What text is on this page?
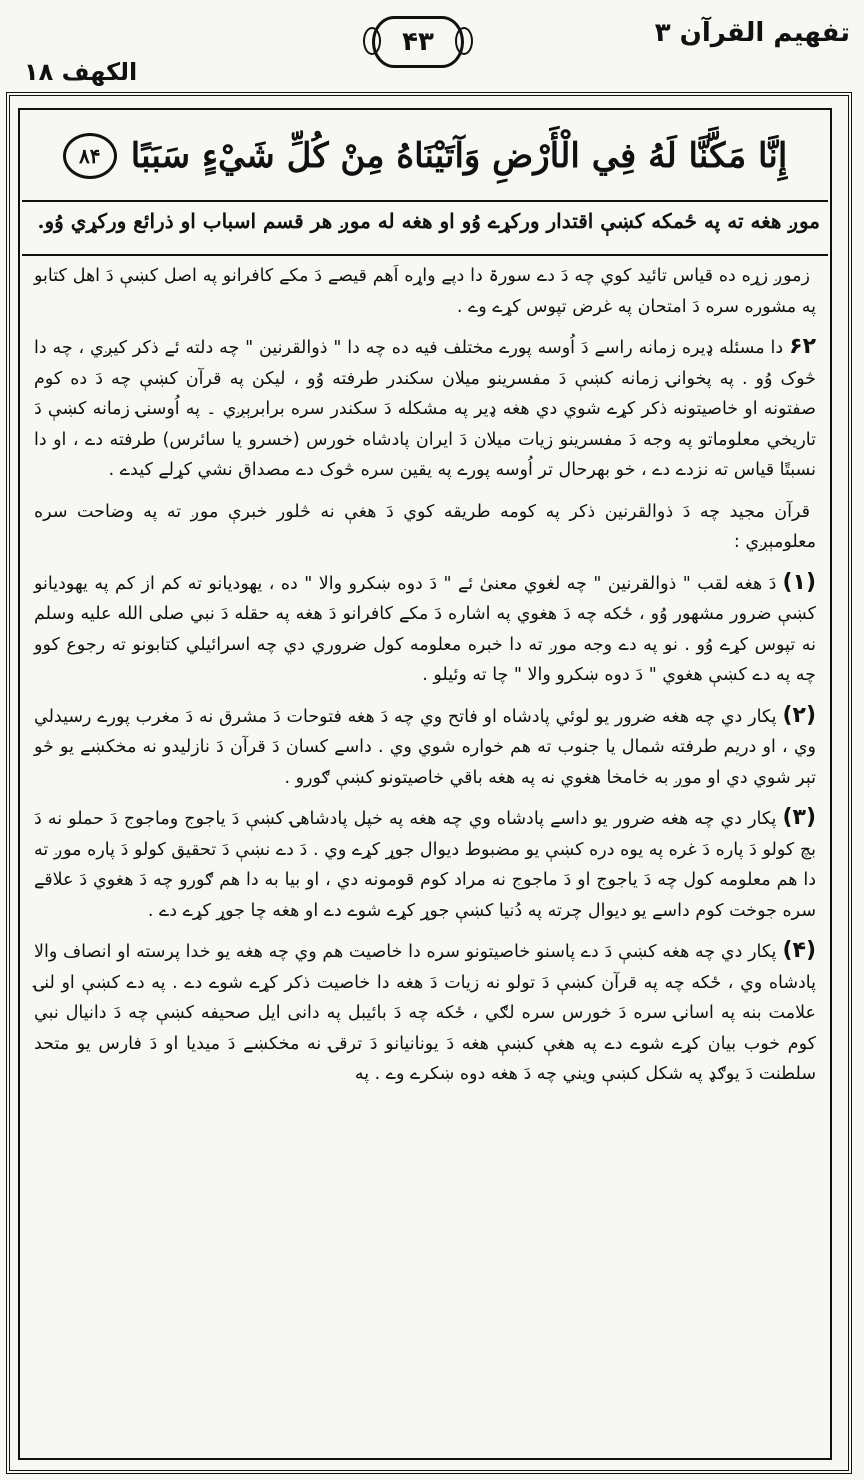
تفهیم القرآن ۳
۴۳
الکھف ۱۸
إِنَّا مَكَّنَّا لَهُ فِي الْأَرْضِ وَآتَيْنَاهُ مِنْ كُلِّ شَيْءٍ سَبَبًا
۸۴
موږ هغه ته په ځمکه کښې اقتدار ورکړے وُو او هغه له موږ هر قسم اسباب او ذرائع ورکړي وُو.

زموږ زړه ده قیاس تائید کوي چه دَ دے سورۃ دا دپے واړه اَهم قیصے دَ مکے کافرانو په اصل کښې دَ اهل کتابو په مشوره سره دَ امتحان په غرض تپوس کړے وے .

۶۲دا مسئله ډیره زمانه راسے دَ اُوسه پورے مختلف فیه ده چه دا " ذوالقرنین " چه دلته ئے ذکر کیږي ، چه دا څوک وُو . په پخوانۍ زمانه کښې دَ مفسرینو میلان سکندر طرفته وُو ، لیکن په قرآن کښې چه دَ ده کوم صفتونه او خاصیتونه ذکر کړے شوي دي هغه ډیر په مشکله دَ سکندر سره برابرېږي ۔ په اُوسنۍ زمانه کښې دَ تاریخي معلوماتو په وجه دَ مفسرینو زیات میلان دَ ایران پادشاه خورس (خسرو یا سائرس) طرفته دے ، او دا نسبتًا قیاس ته نزدے دے ، خو بهرحال تر اُوسه پورے په یقین سره څوک دے مصداق نشي کړلے کیدے .

قرآن مجید چه دَ ذوالقرنین ذکر په کومه طریقه کوي دَ هغې نه څلور خبرې موږ ته په وضاحت سره معلومېږي :

(۱)دَ هغه لقب " ذوالقرنین " چه لغوي معنیٰ ئے " دَ دوه ښکرو والا " ده ، یهودیانو ته کم از کم په یهودیانو کښې ضرور مشهور وُو ، ځکه چه دَ هغوي په اشاره دَ مکے کافرانو دَ هغه په حقله دَ نبي صلی الله علیه وسلم نه تپوس کړے وُو . نو په دے وجه موږ ته دا خبره معلومه کول ضروري دي چه اسرائیلي کتابونو ته رجوع کوو چه په دے کښې هغوي " دَ دوه ښکرو والا " چا ته وئیلو .

(۲)پکار دي چه هغه ضرور یو لوئي پادشاه او فاتح وي چه دَ هغه فتوحات دَ مشرق نه دَ مغرب پورے رسیدلي وي ، او دریم طرفته شمال یا جنوب ته هم خواره شوي وي . داسے کسان دَ قرآن دَ نازلیدو نه مخکښے یو څو تېر شوي دي او موږ به خامخا هغوي نه په هغه باقي خاصیتونو کښې ګورو .

(۳)پکار دي چه هغه ضرور یو داسے پادشاه وي چه هغه په خپل پادشاهۍ کښې دَ یاجوج وماجوج دَ حملو نه دَ بچ کولو دَ پاره دَ غره په یوه دره کښې یو مضبوط دیوال جوړ کړے وي . دَ دے نښې دَ تحقیق کولو دَ پاره موږ ته دا هم معلومه کول چه دَ یاجوج او دَ ماجوج نه مراد کوم قومونه دي ، او بیا به دا هم ګورو چه دَ هغوي دَ علاقے سره جوخت کوم داسے یو دیوال چرته په دُنیا کښې جوړ کړے شوے دے او هغه چا جوړ کړے دے .

(۴)پکار دي چه هغه کښې دَ دے پاسنو خاصیتونو سره دا خاصیت هم وي چه هغه یو خدا پرسته او انصاف والا پادشاه وي ، ځکه چه په قرآن کښې دَ تولو نه زیات دَ هغه دا خاصیت ذکر کړے شوے دے . په دے کښې او لنۍ علامت بنه په اسانۍ سره دَ خورس سره لګي ، ځکه چه دَ بائیبل په دانی ایل صحیفه کښې چه دَ دانیال نبي کوم خوب بیان کړے شوے دے په هغې کښې هغه دَ یونانیانو دَ ترقۍ نه مخکښے دَ میدیا او دَ فارس یو متحد سلطنت دَ یوګډ په شکل کښې ویني چه دَ هغه دوه ښکرے وے . په
